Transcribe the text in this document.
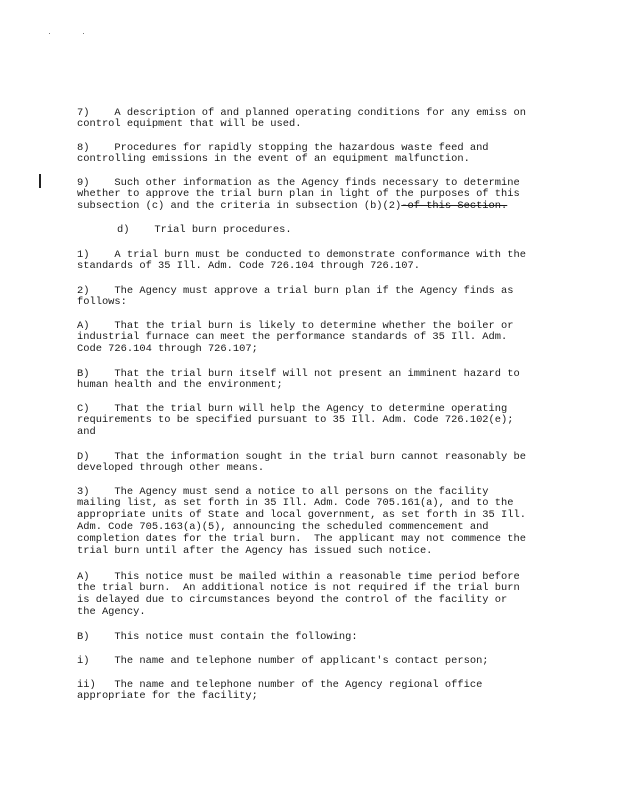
7)    A description of and planned operating conditions for any emiss on
control equipment that will be used.

8)    Procedures for rapidly stopping the hazardous waste feed and
controlling emissions in the event of an equipment malfunction.

9)    Such other information as the Agency finds necessary to determine
whether to approve the trial burn plan in light of the purposes of this
subsection (c) and the criteria in subsection (b)(2)-of this Section.

d)    Trial burn procedures.

1)    A trial burn must be conducted to demonstrate conformance with the
standards of 35 Ill. Adm. Code 726.104 through 726.107.

2)    The Agency must approve a trial burn plan if the Agency finds as
follows:

A)    That the trial burn is likely to determine whether the boiler or
industrial furnace can meet the performance standards of 35 Ill. Adm.
Code 726.104 through 726.107;

B)    That the trial burn itself will not present an imminent hazard to
human health and the environment;

C)    That the trial burn will help the Agency to determine operating
requirements to be specified pursuant to 35 Ill. Adm. Code 726.102(e);
and

D)    That the information sought in the trial burn cannot reasonably be
developed through other means.

3)    The Agency must send a notice to all persons on the facility
mailing list, as set forth in 35 Ill. Adm. Code 705.161(a), and to the
appropriate units of State and local government, as set forth in 35 Ill.
Adm. Code 705.163(a)(5), announcing the scheduled commencement and
completion dates for the trial burn.  The applicant may not commence the
trial burn until after the Agency has issued such notice.

A)    This notice must be mailed within a reasonable time period before
the trial burn.  An additional notice is not required if the trial burn
is delayed due to circumstances beyond the control of the facility or
the Agency.

B)    This notice must contain the following:

i)    The name and telephone number of applicant's contact person;

ii)   The name and telephone number of the Agency regional office
appropriate for the facility;
